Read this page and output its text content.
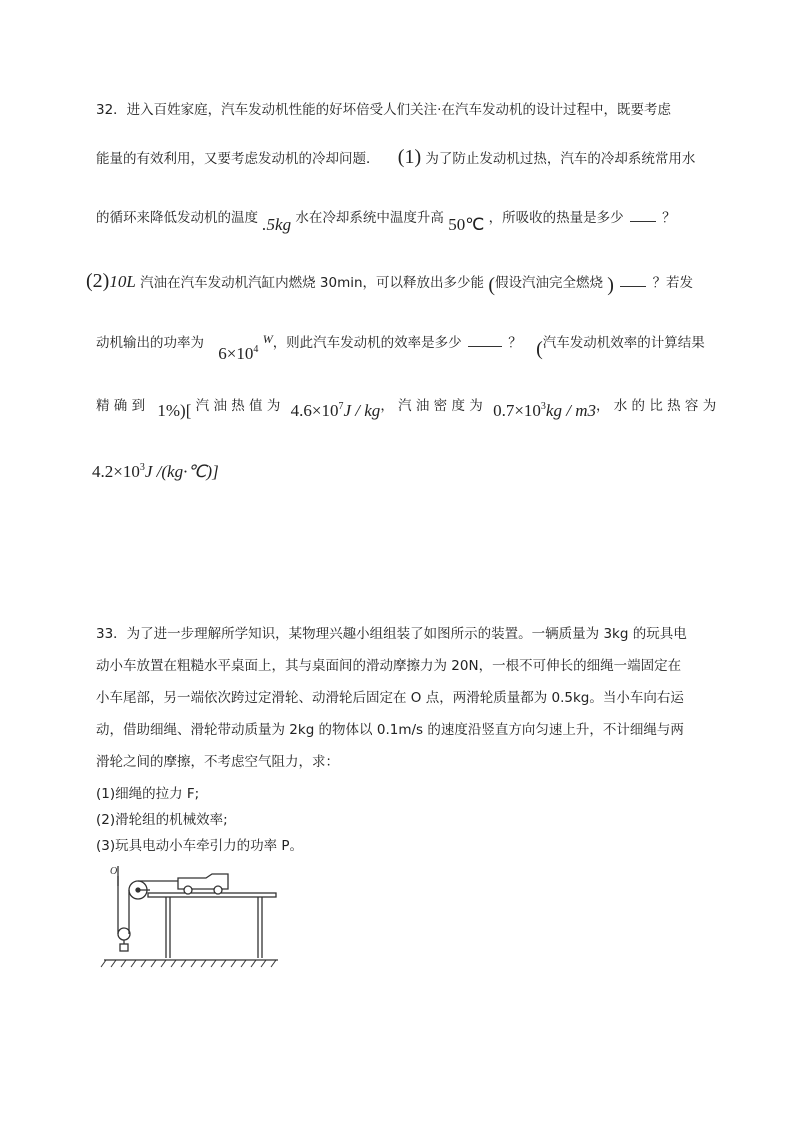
32．进入百姓家庭，汽车发动机性能的好坏倍受人们关注·在汽车发动机的设计过程中，既要考虑
能量的有效利用，又要考虑发动机的冷却问题． (1) 为了防止发动机过热，汽车的冷却系统常用水
的循环来降低发动机的温度 .5kg 水在冷却系统中温度升高 50℃ ，所吸收的热量是多少	？
(2)10L 汽油在汽车发动机汽缸内燃烧 30min，可以释放出多少能 (假设汽油完全燃烧 )	？若发
动机输出的功率为 $6\times 10^4$ W，则此汽车发动机的效率是多少	？ (汽车发动机效率的计算结果
精 确 到 1%)[ 汽 油 热 值 为 $4.6\times 10^7J$ / kg， 汽 油 密 度 为 $0.7\times 10^3kg / m3$， 水 的 比 热 容 为
$4.2\times 10^3J$ /(kg·℃)]
33．为了进一步理解所学知识，某物理兴趣小组组装了如图所示的装置。一辆质量为 3kg 的玩具电
动小车放置在粗糙水平桌面上，其与桌面间的滑动摩擦力为 20N，一根不可伸长的细绳一端固定在
小车尾部，另一端依次跨过定滑轮、动滑轮后固定在 O 点，两滑轮质量都为 0.5kg。当小车向右运
动，借助细绳、滑轮带动质量为 2kg 的物体以 0.1m/s 的速度沿竖直方向匀速上升，不计细绳与两
滑轮之间的摩擦，不考虑空气阻力，求：
(1)细绳的拉力 F;
(2)滑轮组的机械效率;
(3)玩具电动小车牵引力的功率 P。
O
